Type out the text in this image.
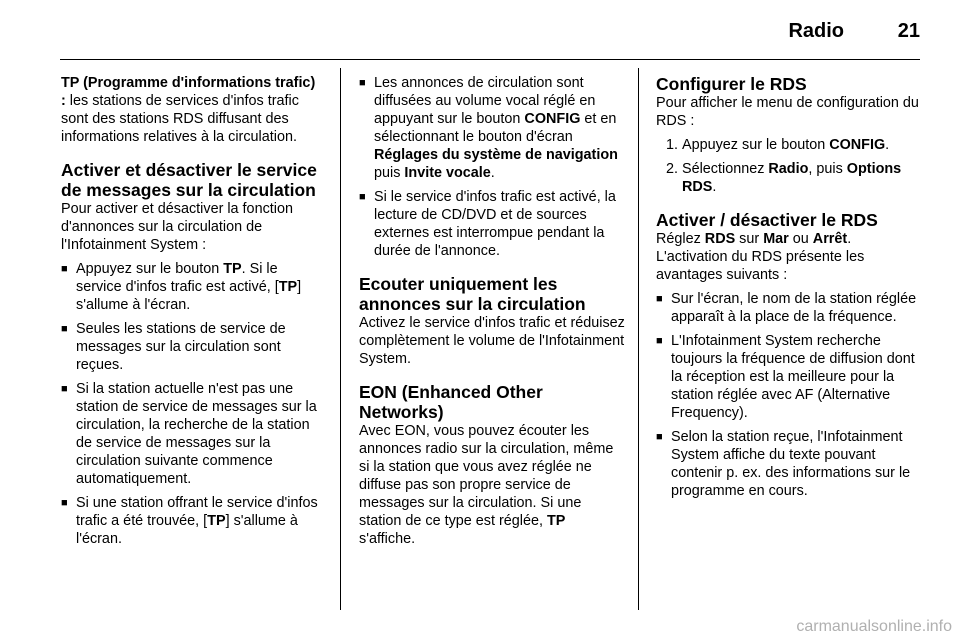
Radio	21

TP (Programme d'informations trafic) : les stations de services d'infos trafic sont des stations RDS diffusant des informations relatives à la circulation.

Activer et désactiver le service de messages sur la circulation

Pour activer et désactiver la fonction d'annonces sur la circulation de l'Infotainment System :

■ Appuyez sur le bouton TP. Si le service d'infos trafic est activé, [TP] s'allume à l'écran.
■ Seules les stations de service de messages sur la circulation sont reçues.
■ Si la station actuelle n'est pas une station de service de messages sur la circulation, la recherche de la station de service de messages sur la circulation suivante commence automatiquement.
■ Si une station offrant le service d'infos trafic a été trouvée, [TP] s'allume à l'écran.
■ Les annonces de circulation sont diffusées au volume vocal réglé en appuyant sur le bouton CONFIG et en sélectionnant le bouton d'écran Réglages du système de navigation puis Invite vocale.
■ Si le service d'infos trafic est activé, la lecture de CD/DVD et de sources externes est interrompue pendant la durée de l'annonce.
Ecouter uniquement les annonces sur la circulation

Activez le service d'infos trafic et réduisez complètement le volume de l'Infotainment System.

EON (Enhanced Other Networks)

Avec EON, vous pouvez écouter les annonces radio sur la circulation, même si la station que vous avez réglée ne diffuse pas son propre service de messages sur la circulation. Si une station de ce type est réglée, TP s'affiche.

Configurer le RDS

Pour afficher le menu de configuration du RDS :

1. Appuyez sur le bouton CONFIG.
2. Sélectionnez Radio, puis Options RDS.
Activer / désactiver le RDS

Réglez RDS sur Mar ou Arrêt. L'activation du RDS présente les avantages suivants :

■ Sur l'écran, le nom de la station réglée apparaît à la place de la fréquence.
■ L'Infotainment System recherche toujours la fréquence de diffusion dont la réception est la meilleure pour la station réglée avec AF (Alternative Frequency).
■ Selon la station reçue, l'Infotainment System affiche du texte pouvant contenir p. ex. des informations sur le programme en cours.
carmanualsonline.info
